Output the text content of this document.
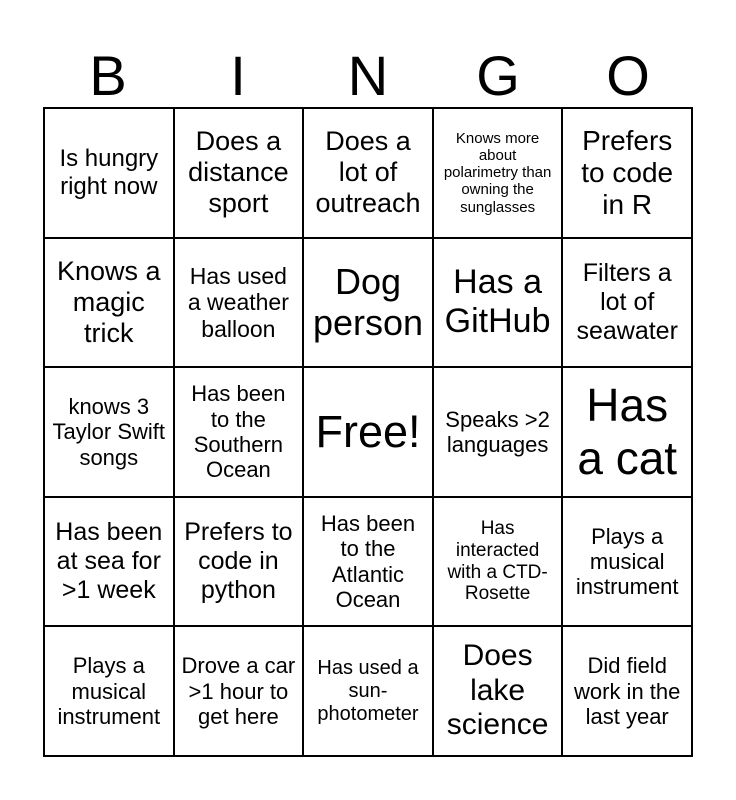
B	I	N	G	O
Is hungry right now
Does a distance sport
Does a lot of outreach
Knows more about polarimetry than owning the sunglasses
Prefers to code in R
Knows a magic trick
Has used a weather balloon
Dog person
Has a GitHub
Filters a lot of seawater
knows 3 Taylor Swift songs
Has been to the Southern Ocean
Free! Speaks >2 languages
Has a cat
Has been at sea for >1 week
Prefers to code in python
Has been to the Atlantic Ocean
Has interacted with a CTD-Rosette
Plays a musical instrument
Plays a musical instrument
Drove a car >1 hour to get here
Has used a sun-photometer
Does lake science
Did field work in the last year
